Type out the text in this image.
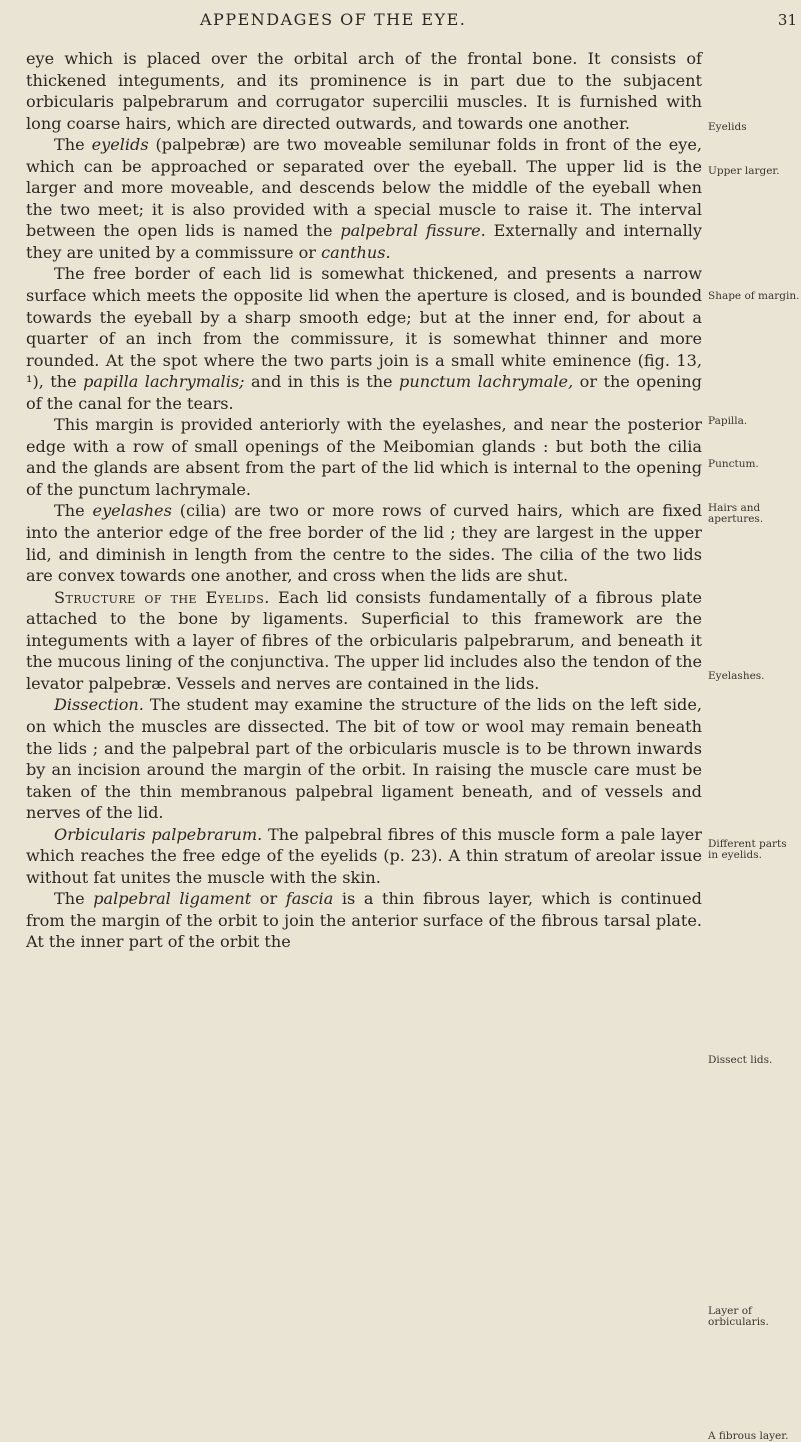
APPENDAGES OF THE EYE.	31

eye which is placed over the orbital arch of the frontal bone. It consists of thickened integuments, and its prominence is in part due to the subjacent orbicularis palpebrarum and corrugator supercilii muscles. It is furnished with long coarse hairs, which are directed outwards, and towards one another.

The eyelids (palpebræ) are two moveable semilunar folds in front of the eye, which can be approached or separated over the eyeball. The upper lid is the larger and more moveable, and descends below the middle of the eyeball when the two meet; it is also provided with a special muscle to raise it. The interval between the open lids is named the palpebral fissure. Externally and internally they are united by a commissure or canthus.

The free border of each lid is somewhat thickened, and presents a narrow surface which meets the opposite lid when the aperture is closed, and is bounded towards the eyeball by a sharp smooth edge; but at the inner end, for about a quarter of an inch from the commissure, it is somewhat thinner and more rounded. At the spot where the two parts join is a small white eminence (fig. 13, ¹), the papilla lachrymalis; and in this is the punctum lachrymale, or the opening of the canal for the tears.

This margin is provided anteriorly with the eyelashes, and near the posterior edge with a row of small openings of the Meibomian glands : but both the cilia and the glands are absent from the part of the lid which is internal to the opening of the punctum lachrymale.

The eyelashes (cilia) are two or more rows of curved hairs, which are fixed into the anterior edge of the free border of the lid ; they are largest in the upper lid, and diminish in length from the centre to the sides. The cilia of the two lids are convex towards one another, and cross when the lids are shut.

Structure of the Eyelids. Each lid consists fundamentally of a fibrous plate attached to the bone by ligaments. Superficial to this framework are the integuments with a layer of fibres of the orbicularis palpebrarum, and beneath it the mucous lining of the conjunctiva. The upper lid includes also the tendon of the levator palpebræ. Vessels and nerves are contained in the lids.

Dissection. The student may examine the structure of the lids on the left side, on which the muscles are dissected. The bit of tow or wool may remain beneath the lids ; and the palpebral part of the orbicularis muscle is to be thrown inwards by an incision around the margin of the orbit. In raising the muscle care must be taken of the thin membranous palpebral ligament beneath, and of vessels and nerves of the lid.

Orbicularis palpebrarum. The palpebral fibres of this muscle form a pale layer which reaches the free edge of the eyelids (p. 23). A thin stratum of areolar issue without fat unites the muscle with the skin.

The palpebral ligament or fascia is a thin fibrous layer, which is continued from the margin of the orbit to join the anterior surface of the fibrous tarsal plate. At the inner part of the orbit the

Eyelids
Upper larger.
Shape of margin.
Papilla.
Punctum.
Hairs and apertures.
Eyelashes.
Different parts in eyelids.
Dissect lids.
Layer of orbicularis.
A fibrous layer.
